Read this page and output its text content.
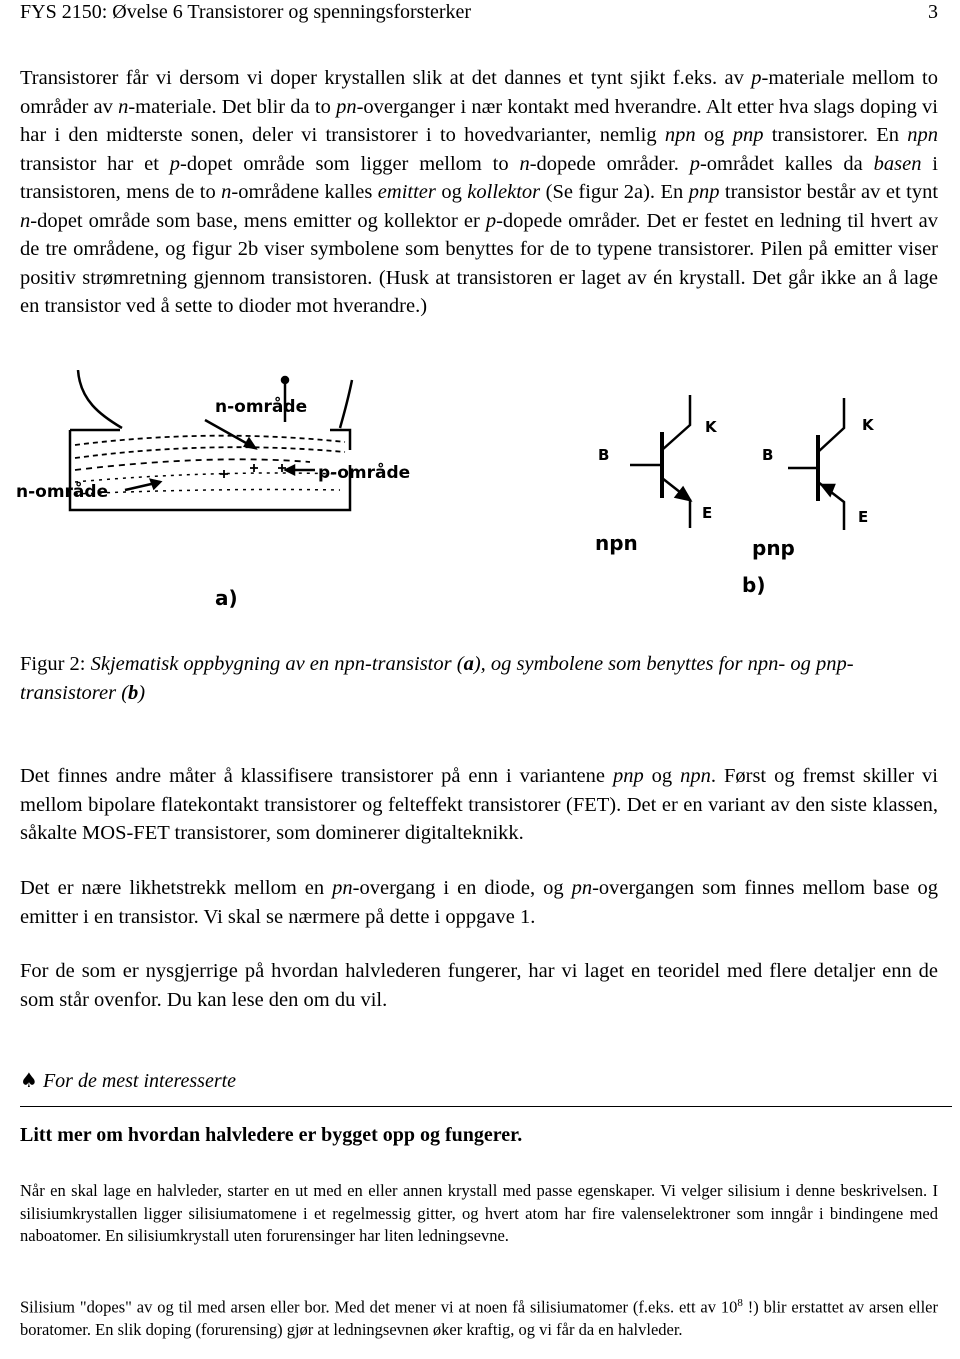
FYS 2150: Øvelse 6 Transistorer og spenningsforsterker	3

Transistorer får vi dersom vi doper krystallen slik at det dannes et tynt sjikt f.eks. av p-materiale mellom to områder av n-materiale. Det blir da to pn-overganger i nær kontakt med hverandre. Alt etter hva slags doping vi har i den midterste sonen, deler vi transistorer i to hovedvarianter, nemlig npn og pnp transistorer. En npn transistor har et p-dopet område som ligger mellom to n-dopede områder. p-området kalles da basen i transistoren, mens de to n-områdene kalles emitter og kollektor (Se figur 2a). En pnp transistor består av et tynt n-dopet område som base, mens emitter og kollektor er p-dopede områder. Det er festet en ledning til hvert av de tre områdene, og figur 2b viser symbolene som benyttes for de to typene transistorer. Pilen på emitter viser positiv strømretning gjennom transistoren. (Husk at transistoren er laget av én krystall. Det går ikke an å lage en transistor ved å sette to dioder mot hverandre.)

n-område
p-område
n-område
a)
B
K
E
npn
B
K
E
pnp
b)

Figur 2: Skjematisk oppbygning av en npn-transistor (a), og symbolene som benyttes for npn- og pnp-transistorer (b)

Det finnes andre måter å klassifisere transistorer på enn i variantene pnp og npn. Først og fremst skiller vi mellom bipolare flatekontakt transistorer og felteffekt transistorer (FET). Det er en variant av den siste klassen, såkalte MOS-FET transistorer, som dominerer digitalteknikk.

Det er nære likhetstrekk mellom en pn-overgang i en diode, og pn-overgangen som finnes mellom base og emitter i en transistor. Vi skal se nærmere på dette i oppgave 1.

For de som er nysgjerrige på hvordan halvlederen fungerer, har vi laget en teoridel med flere detaljer enn de som står ovenfor. Du kan lese den om du vil.

♠ For de mest interesserte
Litt mer om hvordan halvledere er bygget opp og fungerer.

Når en skal lage en halvleder, starter en ut med en eller annen krystall med passe egenskaper. Vi velger silisium i denne beskrivelsen. I silisiumkrystallen ligger silisiumatomene i et regelmessig gitter, og hvert atom har fire valenselektroner som inngår i bindingene med naboatomer. En silisiumkrystall uten forurensinger har liten ledningsevne.

Silisium "dopes" av og til med arsen eller bor. Med det mener vi at noen få silisiumatomer (f.eks. ett av $10^8$ !) blir erstattet av arsen eller boratomer. En slik doping (forurensing) gjør at ledningsevnen øker kraftig, og vi får da en halvleder.
